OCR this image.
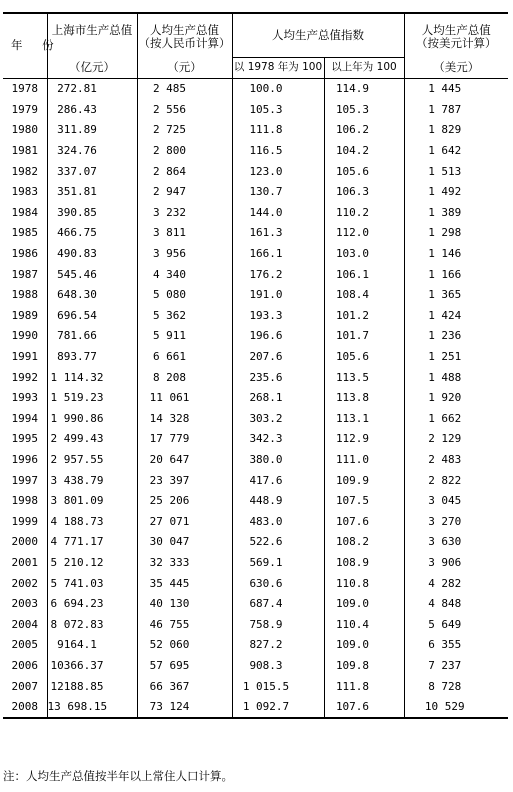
年 份	上海市生产总值	人均生产总值	人均生产总值指数		人均生产总值
		（按人民币计算）			（按美元计算）
	（亿元）	（元）	以 1978 年为 100	以上年为 100	（美元）
1978	272.81	2 485	100.0	114.9	1 445
1979	286.43	2 556	105.3	105.3	1 787
1980	311.89	2 725	111.8	106.2	1 829
1981	324.76	2 800	116.5	104.2	1 642
1982	337.07	2 864	123.0	105.6	1 513
1983	351.81	2 947	130.7	106.3	1 492
1984	390.85	3 232	144.0	110.2	1 389
1985	466.75	3 811	161.3	112.0	1 298
1986	490.83	3 956	166.1	103.0	1 146
1987	545.46	4 340	176.2	106.1	1 166
1988	648.30	5 080	191.0	108.4	1 365
1989	696.54	5 362	193.3	101.2	1 424
1990	781.66	5 911	196.6	101.7	1 236
1991	893.77	6 661	207.6	105.6	1 251
1992	1 114.32	8 208	235.6	113.5	1 488
1993	1 519.23	11 061	268.1	113.8	1 920
1994	1 990.86	14 328	303.2	113.1	1 662
1995	2 499.43	17 779	342.3	112.9	2 129
1996	2 957.55	20 647	380.0	111.0	2 483
1997	3 438.79	23 397	417.6	109.9	2 822
1998	3 801.09	25 206	448.9	107.5	3 045
1999	4 188.73	27 071	483.0	107.6	3 270
2000	4 771.17	30 047	522.6	108.2	3 630
2001	5 210.12	32 333	569.1	108.9	3 906
2002	5 741.03	35 445	630.6	110.8	4 282
2003	6 694.23	40 130	687.4	109.0	4 848
2004	8 072.83	46 755	758.9	110.4	5 649
2005	9164.1	52 060	827.2	109.0	6 355
2006	10366.37	57 695	908.3	109.8	7 237
2007	12188.85	66 367	1 015.5	111.8	8 728
2008	13 698.15	73 124	1 092.7	107.6	10 529
注：人均生产总值按半年以上常住人口计算。
